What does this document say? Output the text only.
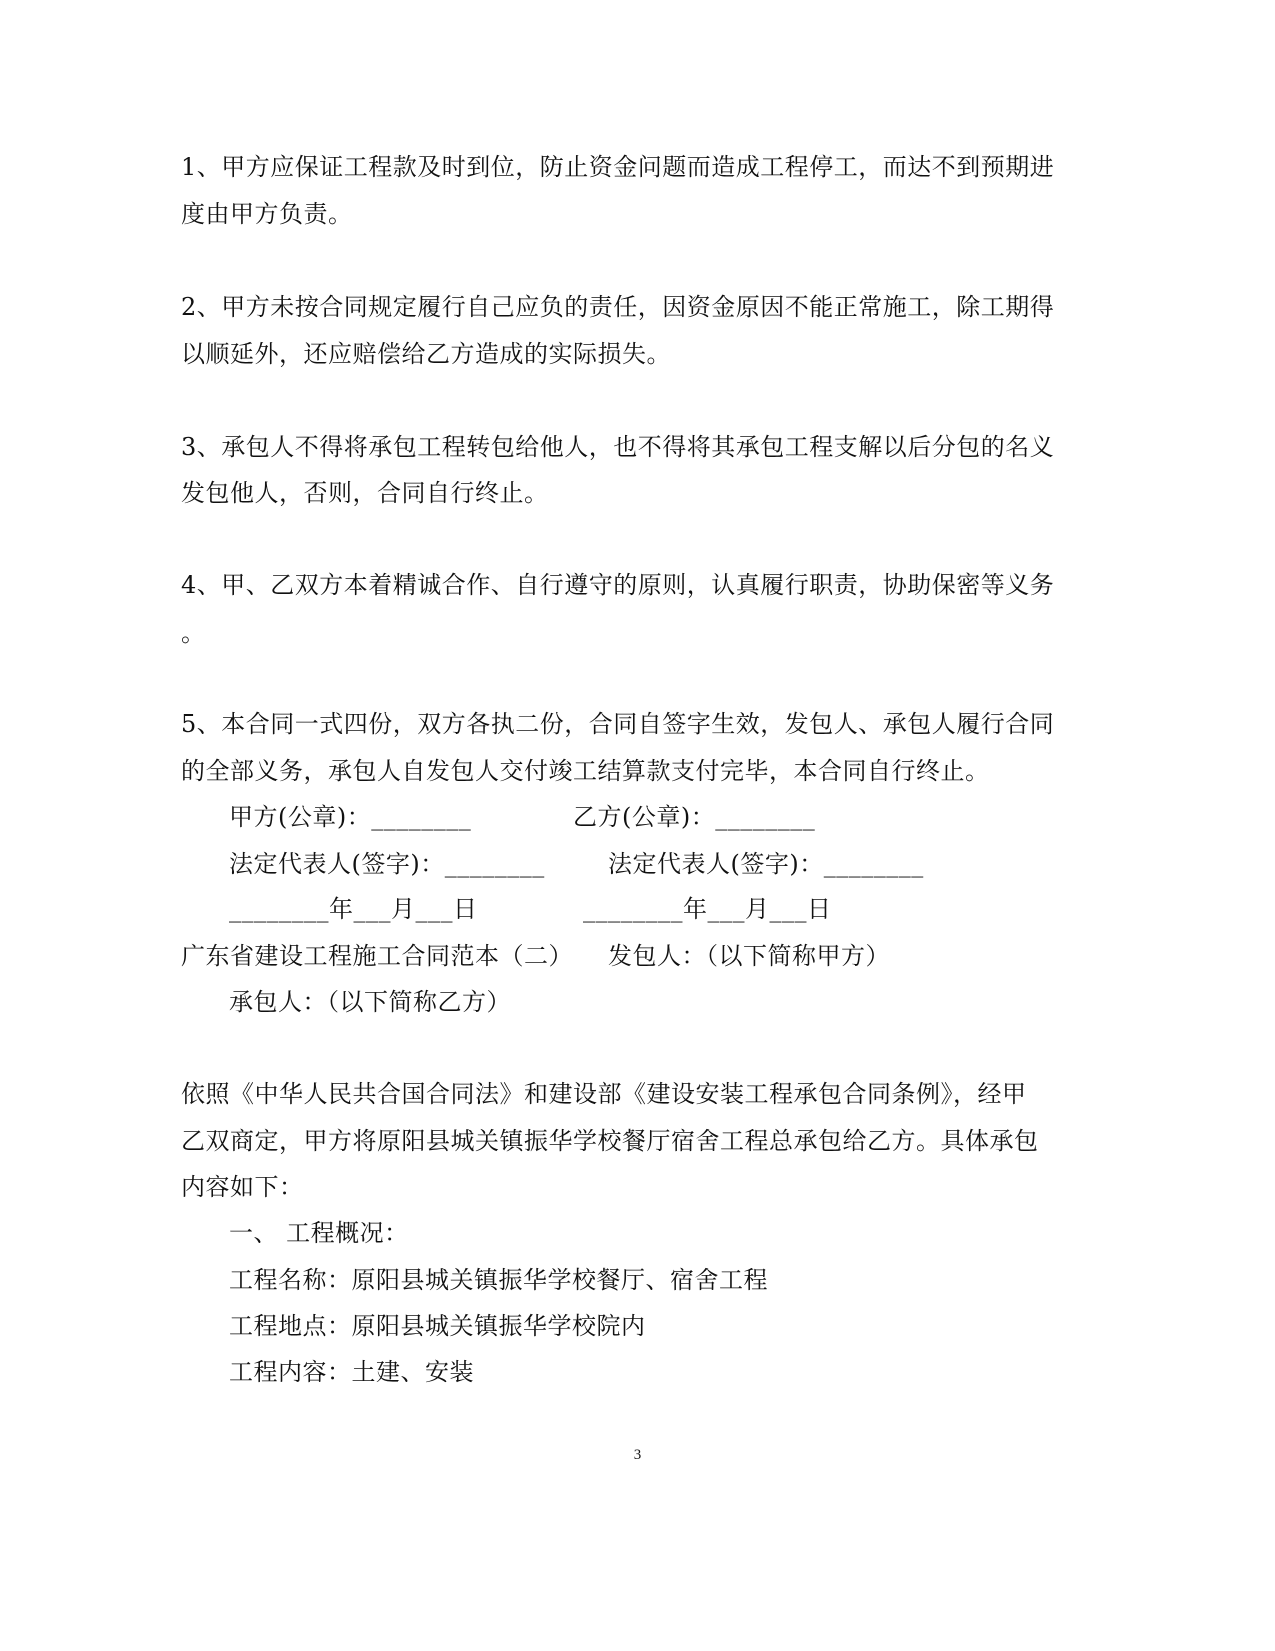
1、甲方应保证工程款及时到位，防止资金问题而造成工程停工，而达不到预期进
度由甲方负责。
2、甲方未按合同规定履行自己应负的责任，因资金原因不能正常施工，除工期得
以顺延外，还应赔偿给乙方造成的实际损失。
3、承包人不得将承包工程转包给他人，也不得将其承包工程支解以后分包的名义
发包他人，否则，合同自行终止。
4、甲、乙双方本着精诚合作、自行遵守的原则，认真履行职责，协助保密等义务
。
5、本合同一式四份，双方各执二份，合同自签字生效，发包人、承包人履行合同
的全部义务，承包人自发包人交付竣工结算款支付完毕，本合同自行终止。
甲方(公章)：________	乙方(公章)：________
法定代表人(签字)：________	法定代表人(签字)：________
________年___月___日	________年___月___日
广东省建设工程施工合同范本（二） 发包人：（以下简称甲方）
承包人：（以下简称乙方）
依照《中华人民共合国合同法》和建设部《建设安装工程承包合同条例》，经甲
乙双商定，甲方将原阳县城关镇振华学校餐厅宿舍工程总承包给乙方。具体承包
内容如下：
一、 工程概况：
工程名称：原阳县城关镇振华学校餐厅、宿舍工程
工程地点：原阳县城关镇振华学校院内
工程内容：土建、安装
3
